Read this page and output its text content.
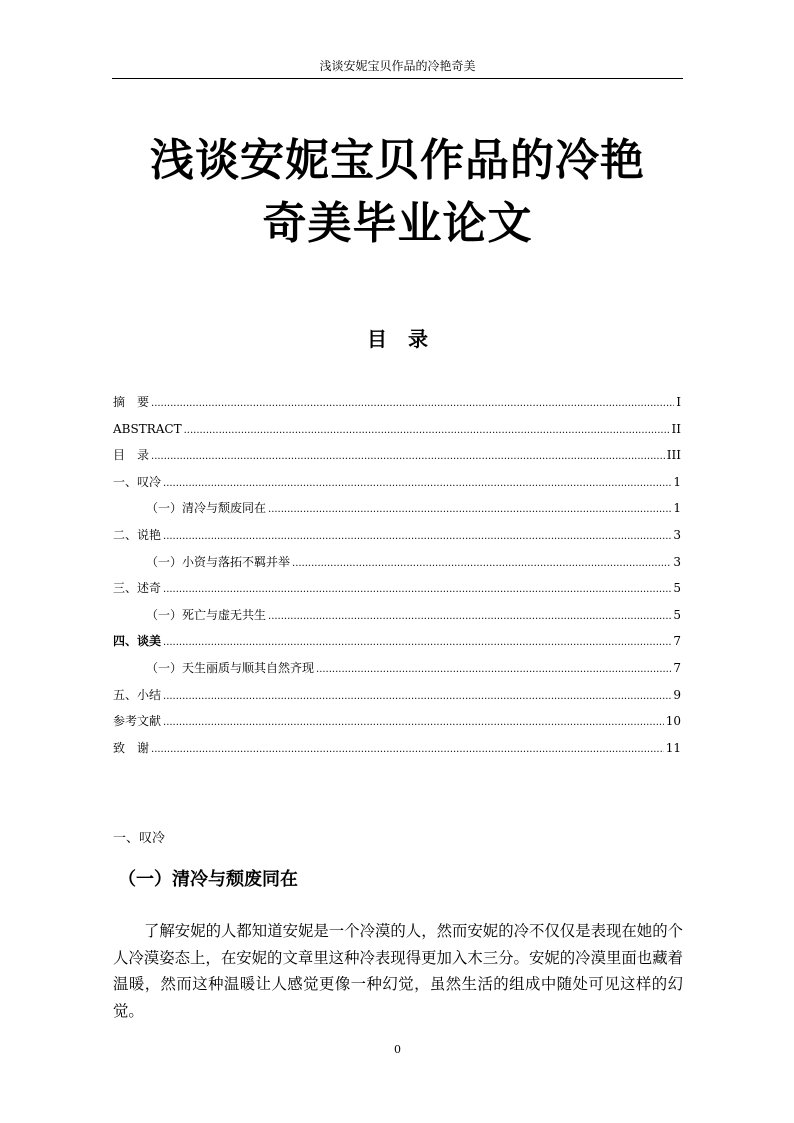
浅谈安妮宝贝作品的冷艳奇美
浅谈安妮宝贝作品的冷艳
奇美毕业论文
目 录
摘　要 .....	I
ABSTRACT .....	II
目　录 .....	III
一、叹冷 .....	1
（一）清冷与颓废同在 .....	1
二、说艳 .....	3
（一）小资与落拓不羁并举 .....	3
三、述奇 .....	5
（一）死亡与虚无共生 .....	5
四、谈美 .....	7
（一）天生丽质与顺其自然齐现 .....	7
五、小结 .....	9
参考文献 .....	10
致　谢 .....	11
一、叹冷
（一）清冷与颓废同在

了解安妮的人都知道安妮是一个冷漠的人，然而安妮的冷不仅仅是表现在她的个人冷漠姿态上，在安妮的文章里这种冷表现得更加入木三分。安妮的冷漠里面也藏着温暖，然而这种温暖让人感觉更像一种幻觉，虽然生活的组成中随处可见这样的幻觉。

0
